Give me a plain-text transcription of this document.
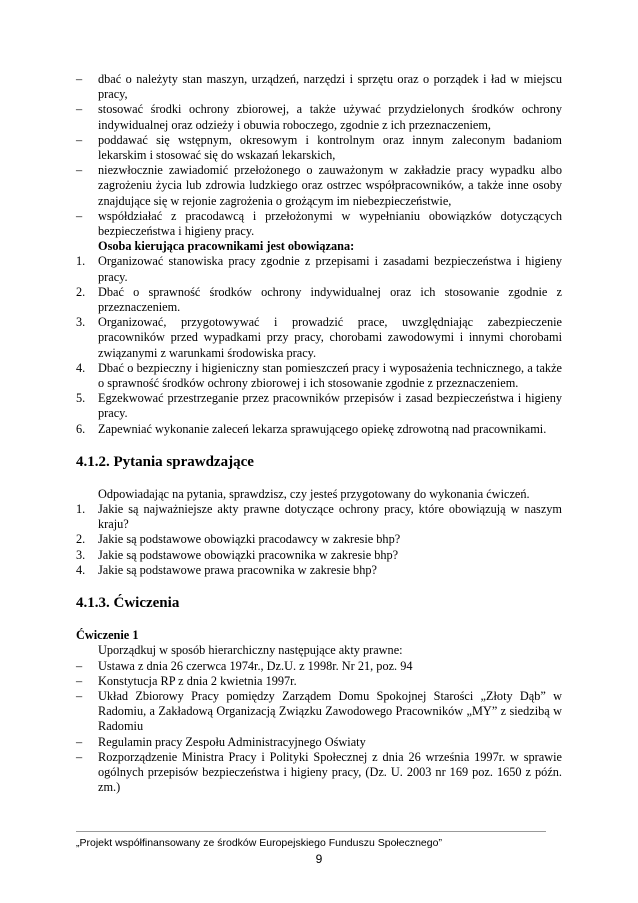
–	dbać o należyty stan maszyn, urządzeń, narzędzi i sprzętu oraz o porządek i ład w miejscu pracy,
–	stosować środki ochrony zbiorowej, a także używać przydzielonych środków ochrony indywidualnej oraz odzieży i obuwia roboczego, zgodnie z ich przeznaczeniem,
–	poddawać się wstępnym, okresowym i kontrolnym oraz innym zaleconym badaniom lekarskim i stosować się do wskazań lekarskich,
–	niezwłocznie zawiadomić przełożonego o zauważonym w zakładzie pracy wypadku albo zagrożeniu życia lub zdrowia ludzkiego oraz ostrzec współpracowników, a także inne osoby znajdujące się w rejonie zagrożenia o grożącym im niebezpieczeństwie,
–	współdziałać z pracodawcą i przełożonymi w wypełnianiu obowiązków dotyczących bezpieczeństwa i higieny pracy.
Osoba kierująca pracownikami jest obowiązana:
1.	Organizować stanowiska pracy zgodnie z przepisami i zasadami bezpieczeństwa i higieny pracy.
2.	Dbać o sprawność środków ochrony indywidualnej oraz ich stosowanie zgodnie z przeznaczeniem.
3.	Organizować, przygotowywać i prowadzić prace, uwzględniając zabezpieczenie pracowników przed wypadkami przy pracy, chorobami zawodowymi i innymi chorobami związanymi z warunkami środowiska pracy.
4.	Dbać o bezpieczny i higieniczny stan pomieszczeń pracy i wyposażenia technicznego, a także o sprawność środków ochrony zbiorowej i ich stosowanie zgodnie z przeznaczeniem.
5.	Egzekwować przestrzeganie przez pracowników przepisów i zasad bezpieczeństwa i higieny pracy.
6.	Zapewniać wykonanie zaleceń lekarza sprawującego opiekę zdrowotną nad pracownikami.
4.1.2. Pytania sprawdzające
Odpowiadając na pytania, sprawdzisz, czy jesteś przygotowany do wykonania ćwiczeń.
1.	Jakie są najważniejsze akty prawne dotyczące ochrony pracy, które obowiązują w naszym kraju?
2.	Jakie są podstawowe obowiązki pracodawcy w zakresie bhp?
3.	Jakie są podstawowe obowiązki pracownika w zakresie bhp?
4.	Jakie są podstawowe prawa pracownika w zakresie bhp?
4.1.3. Ćwiczenia
Ćwiczenie 1
Uporządkuj w sposób hierarchiczny następujące akty prawne:
–	Ustawa z dnia 26 czerwca 1974r., Dz.U. z 1998r. Nr 21, poz. 94
–	Konstytucja RP z dnia 2 kwietnia 1997r.
–	Układ Zbiorowy Pracy pomiędzy Zarządem Domu Spokojnej Starości „Złoty Dąb” w Radomiu, a Zakładową Organizacją Związku Zawodowego Pracowników „MY” z siedzibą w Radomiu
–	Regulamin pracy Zespołu Administracyjnego Oświaty
–	Rozporządzenie Ministra Pracy i Polityki Społecznej z dnia 26 września 1997r. w sprawie ogólnych przepisów bezpieczeństwa i higieny pracy, (Dz. U. 2003 nr 169 poz. 1650 z późn. zm.)
„Projekt współfinansowany ze środków Europejskiego Funduszu Społecznego”
9
